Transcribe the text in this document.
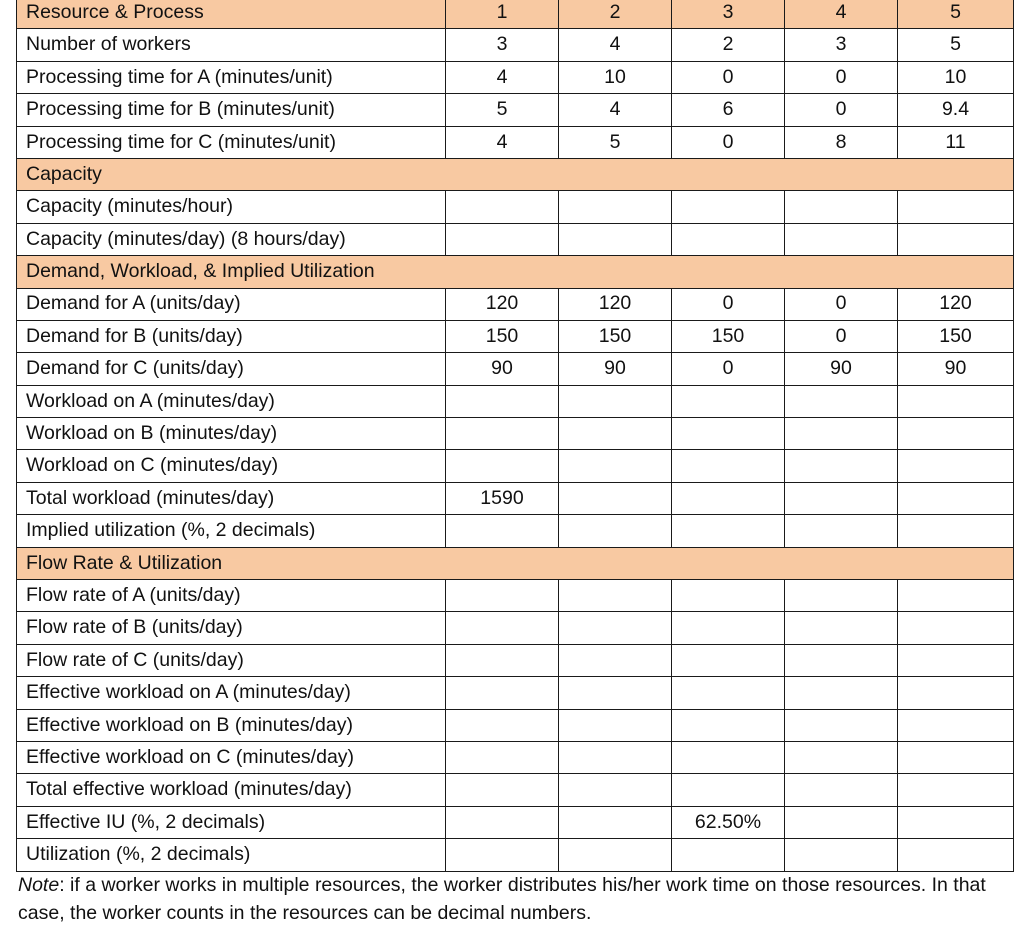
Resource & Process	1	2	3	4	5
Number of workers	3	4	2	3	5
Processing time for A (minutes/unit)	4	10	0	0	10
Processing time for B (minutes/unit)	5	4	6	0	9.4
Processing time for C (minutes/unit)	4	5	0	8	11
Capacity					
Capacity (minutes/hour)					
Capacity (minutes/day) (8 hours/day)					
Demand, Workload, & Implied Utilization					
Demand for A (units/day)	120	120	0	0	120
Demand for B (units/day)	150	150	150	0	150
Demand for C (units/day)	90	90	0	90	90
Workload on A (minutes/day)					
Workload on B (minutes/day)					
Workload on C (minutes/day)					
Total workload (minutes/day)	1590				
Implied utilization (%, 2 decimals)					
Flow Rate & Utilization					
Flow rate of A (units/day)					
Flow rate of B (units/day)					
Flow rate of C (units/day)					
Effective workload on A (minutes/day)					
Effective workload on B (minutes/day)					
Effective workload on C (minutes/day)					
Total effective workload (minutes/day)					
Effective IU (%, 2 decimals)			62.50%		
Utilization (%, 2 decimals)					

Note: if a worker works in multiple resources, the worker distributes his/her work time on those resources. In that case, the worker counts in the resources can be decimal numbers.
